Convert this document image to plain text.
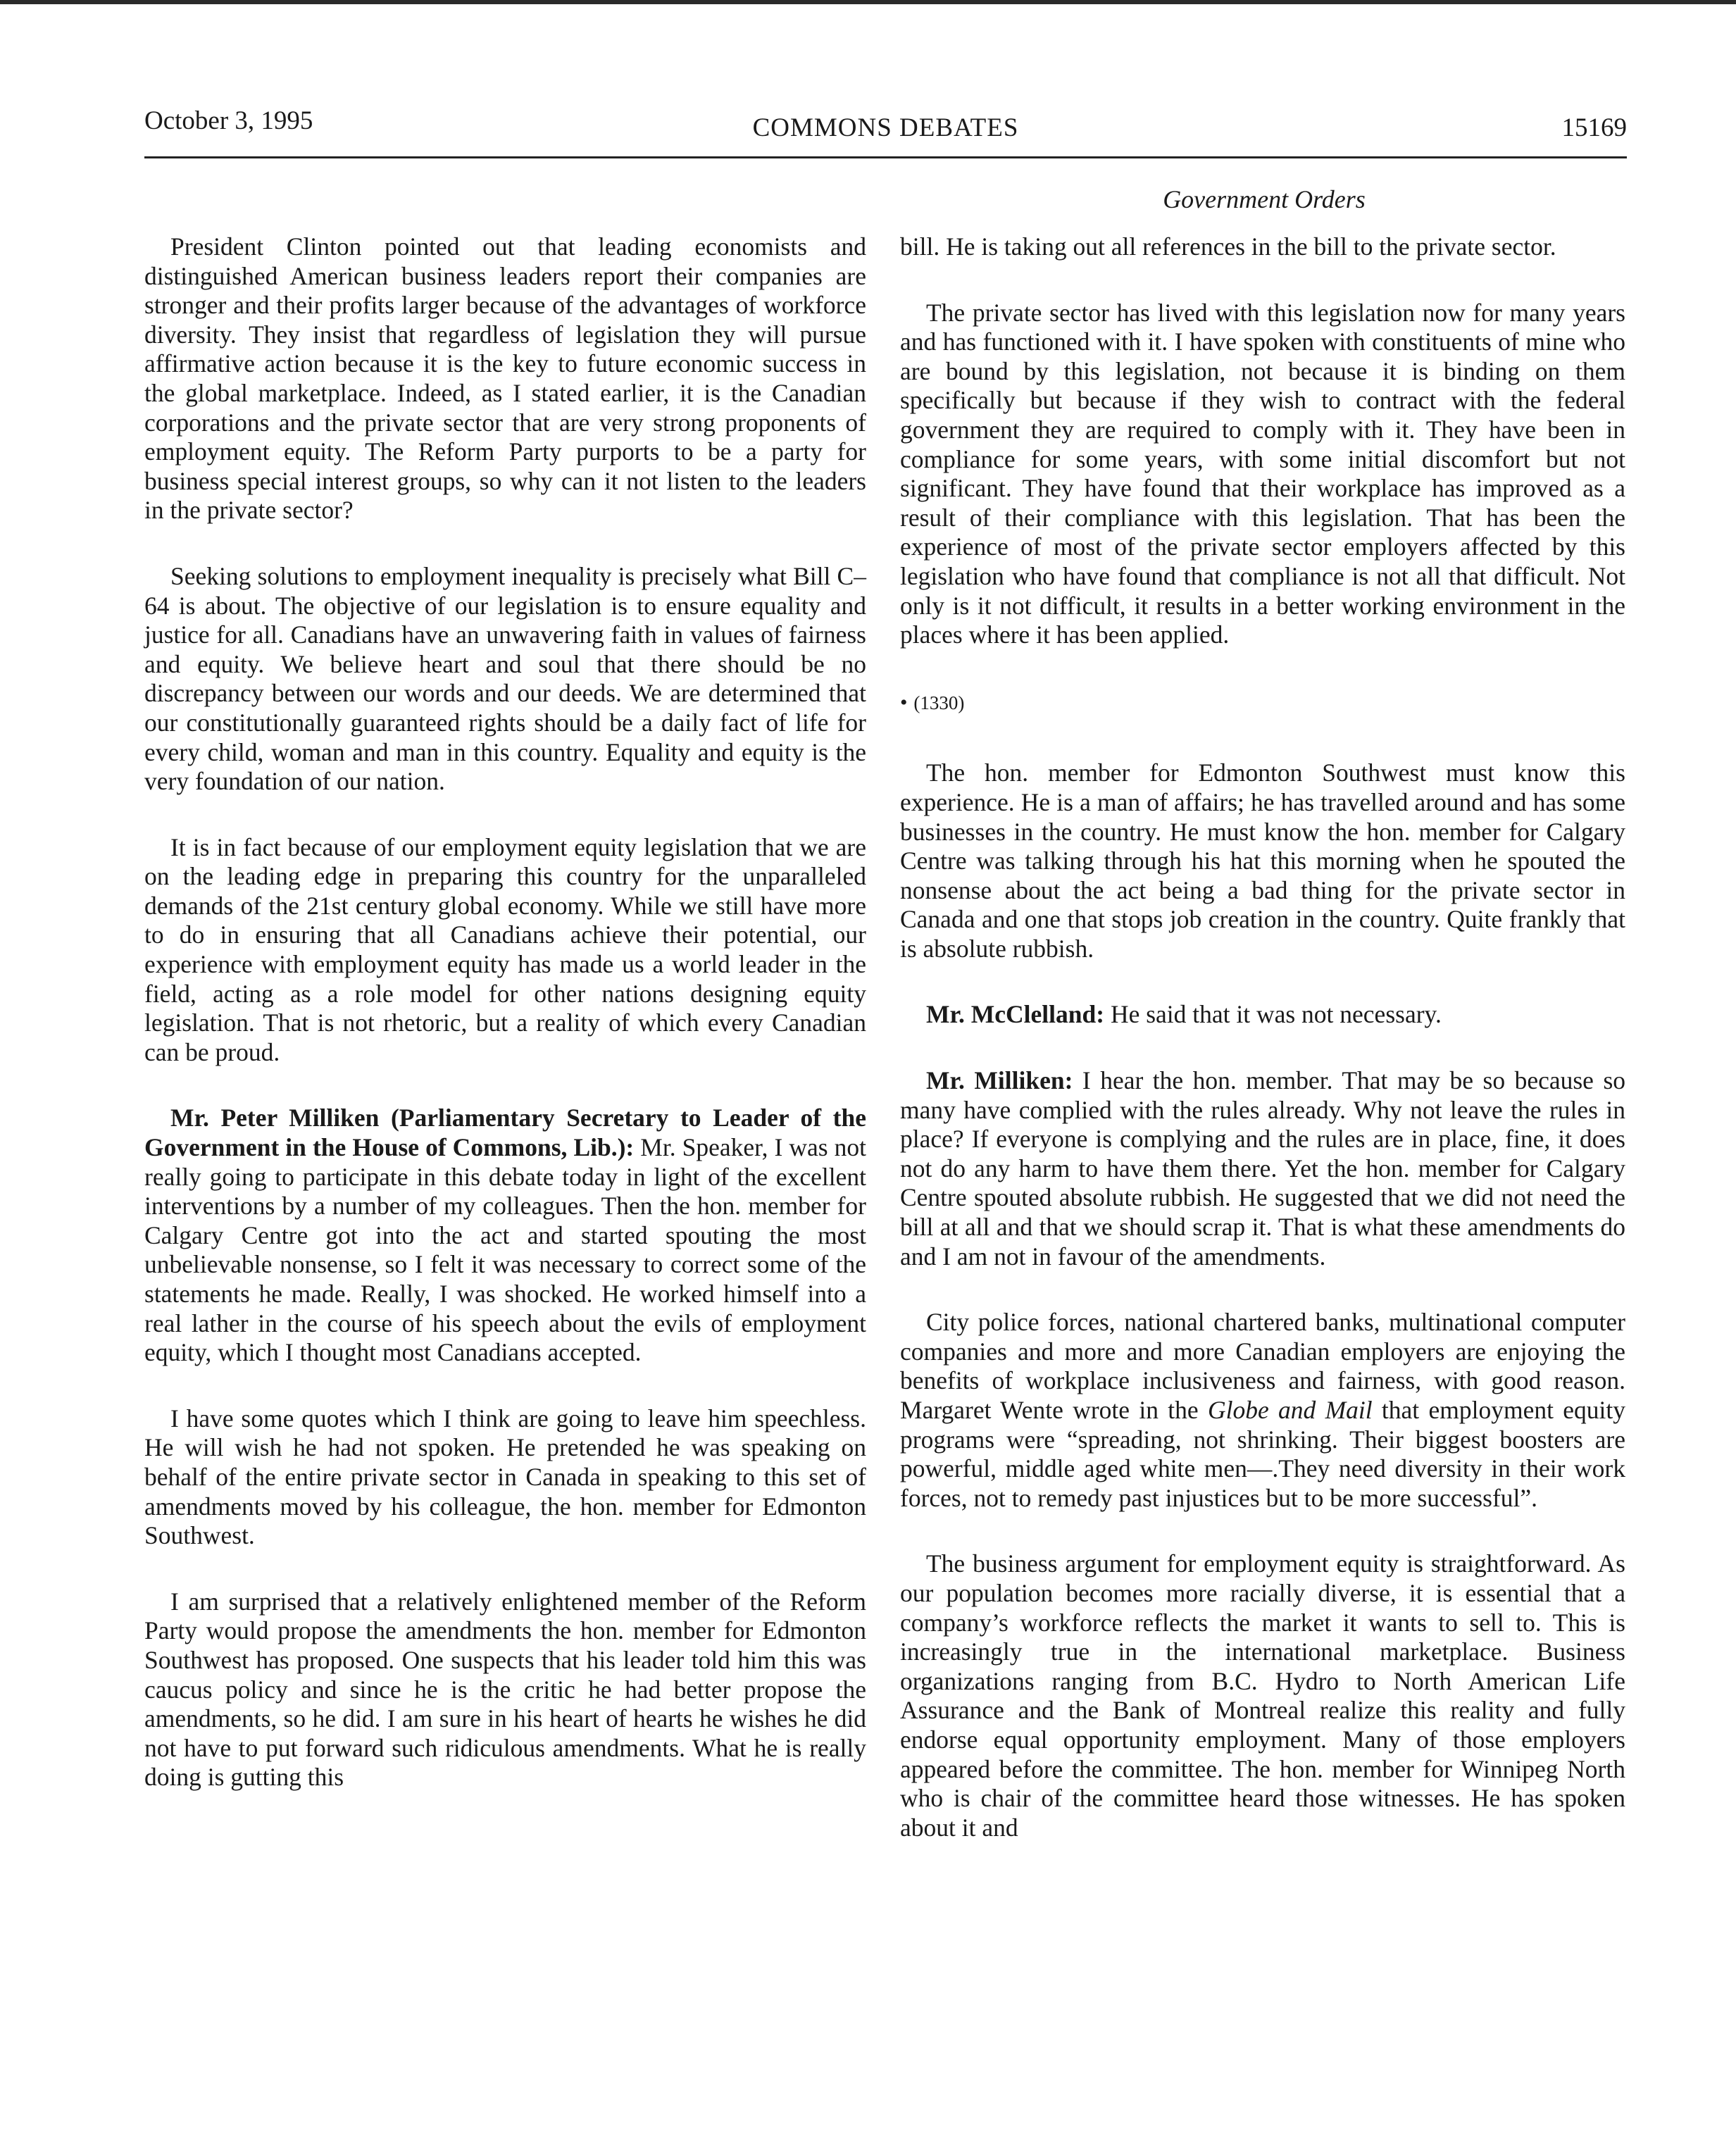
October 3, 1995	COMMONS DEBATES	15169
Government Orders

President Clinton pointed out that leading economists and distinguished American business leaders report their companies are stronger and their profits larger because of the advantages of workforce diversity. They insist that regardless of legislation they will pursue affirmative action because it is the key to future economic success in the global marketplace. Indeed, as I stated earlier, it is the Canadian corporations and the private sector that are very strong proponents of employment equity. The Reform Party purports to be a party for business special interest groups, so why can it not listen to the leaders in the private sector?

Seeking solutions to employment inequality is precisely what Bill C–64 is about. The objective of our legislation is to ensure equality and justice for all. Canadians have an unwavering faith in values of fairness and equity. We believe heart and soul that there should be no discrepancy between our words and our deeds. We are determined that our constitutionally guaranteed rights should be a daily fact of life for every child, woman and man in this country. Equality and equity is the very foundation of our nation.

It is in fact because of our employment equity legislation that we are on the leading edge in preparing this country for the unparalleled demands of the 21st century global economy. While we still have more to do in ensuring that all Canadians achieve their potential, our experience with employment equity has made us a world leader in the field, acting as a role model for other nations designing equity legislation. That is not rhetoric, but a reality of which every Canadian can be proud.

Mr. Peter Milliken (Parliamentary Secretary to Leader of the Government in the House of Commons, Lib.): Mr. Speaker, I was not really going to participate in this debate today in light of the excellent interventions by a number of my colleagues. Then the hon. member for Calgary Centre got into the act and started spouting the most unbelievable nonsense, so I felt it was necessary to correct some of the statements he made. Really, I was shocked. He worked himself into a real lather in the course of his speech about the evils of employment equity, which I thought most Canadians accepted.

I have some quotes which I think are going to leave him speechless. He will wish he had not spoken. He pretended he was speaking on behalf of the entire private sector in Canada in speaking to this set of amendments moved by his colleague, the hon. member for Edmonton Southwest.

I am surprised that a relatively enlightened member of the Reform Party would propose the amendments the hon. member for Edmonton Southwest has proposed. One suspects that his leader told him this was caucus policy and since he is the critic he had better propose the amendments, so he did. I am sure in his heart of hearts he wishes he did not have to put forward such ridiculous amendments. What he is really doing is gutting this

bill. He is taking out all references in the bill to the private sector.

The private sector has lived with this legislation now for many years and has functioned with it. I have spoken with constituents of mine who are bound by this legislation, not because it is binding on them specifically but because if they wish to contract with the federal government they are required to comply with it. They have been in compliance for some years, with some initial discomfort but not significant. They have found that their workplace has improved as a result of their compliance with this legislation. That has been the experience of most of the private sector employers affected by this legislation who have found that compliance is not all that difficult. Not only is it not difficult, it results in a better working environment in the places where it has been applied.

• (1330)

The hon. member for Edmonton Southwest must know this experience. He is a man of affairs; he has travelled around and has some businesses in the country. He must know the hon. member for Calgary Centre was talking through his hat this morning when he spouted the nonsense about the act being a bad thing for the private sector in Canada and one that stops job creation in the country. Quite frankly that is absolute rubbish.

Mr. McClelland: He said that it was not necessary.

Mr. Milliken: I hear the hon. member. That may be so because so many have complied with the rules already. Why not leave the rules in place? If everyone is complying and the rules are in place, fine, it does not do any harm to have them there. Yet the hon. member for Calgary Centre spouted absolute rubbish. He suggested that we did not need the bill at all and that we should scrap it. That is what these amendments do and I am not in favour of the amendments.

City police forces, national chartered banks, multinational computer companies and more and more Canadian employers are enjoying the benefits of workplace inclusiveness and fairness, with good reason. Margaret Wente wrote in the Globe and Mail that employment equity programs were “spreading, not shrinking. Their biggest boosters are powerful, middle aged white men—.They need diversity in their work forces, not to remedy past injustices but to be more successful”.

The business argument for employment equity is straightforward. As our population becomes more racially diverse, it is essential that a company’s workforce reflects the market it wants to sell to. This is increasingly true in the international marketplace. Business organizations ranging from B.C. Hydro to North American Life Assurance and the Bank of Montreal realize this reality and fully endorse equal opportunity employment. Many of those employers appeared before the committee. The hon. member for Winnipeg North who is chair of the committee heard those witnesses. He has spoken about it and
